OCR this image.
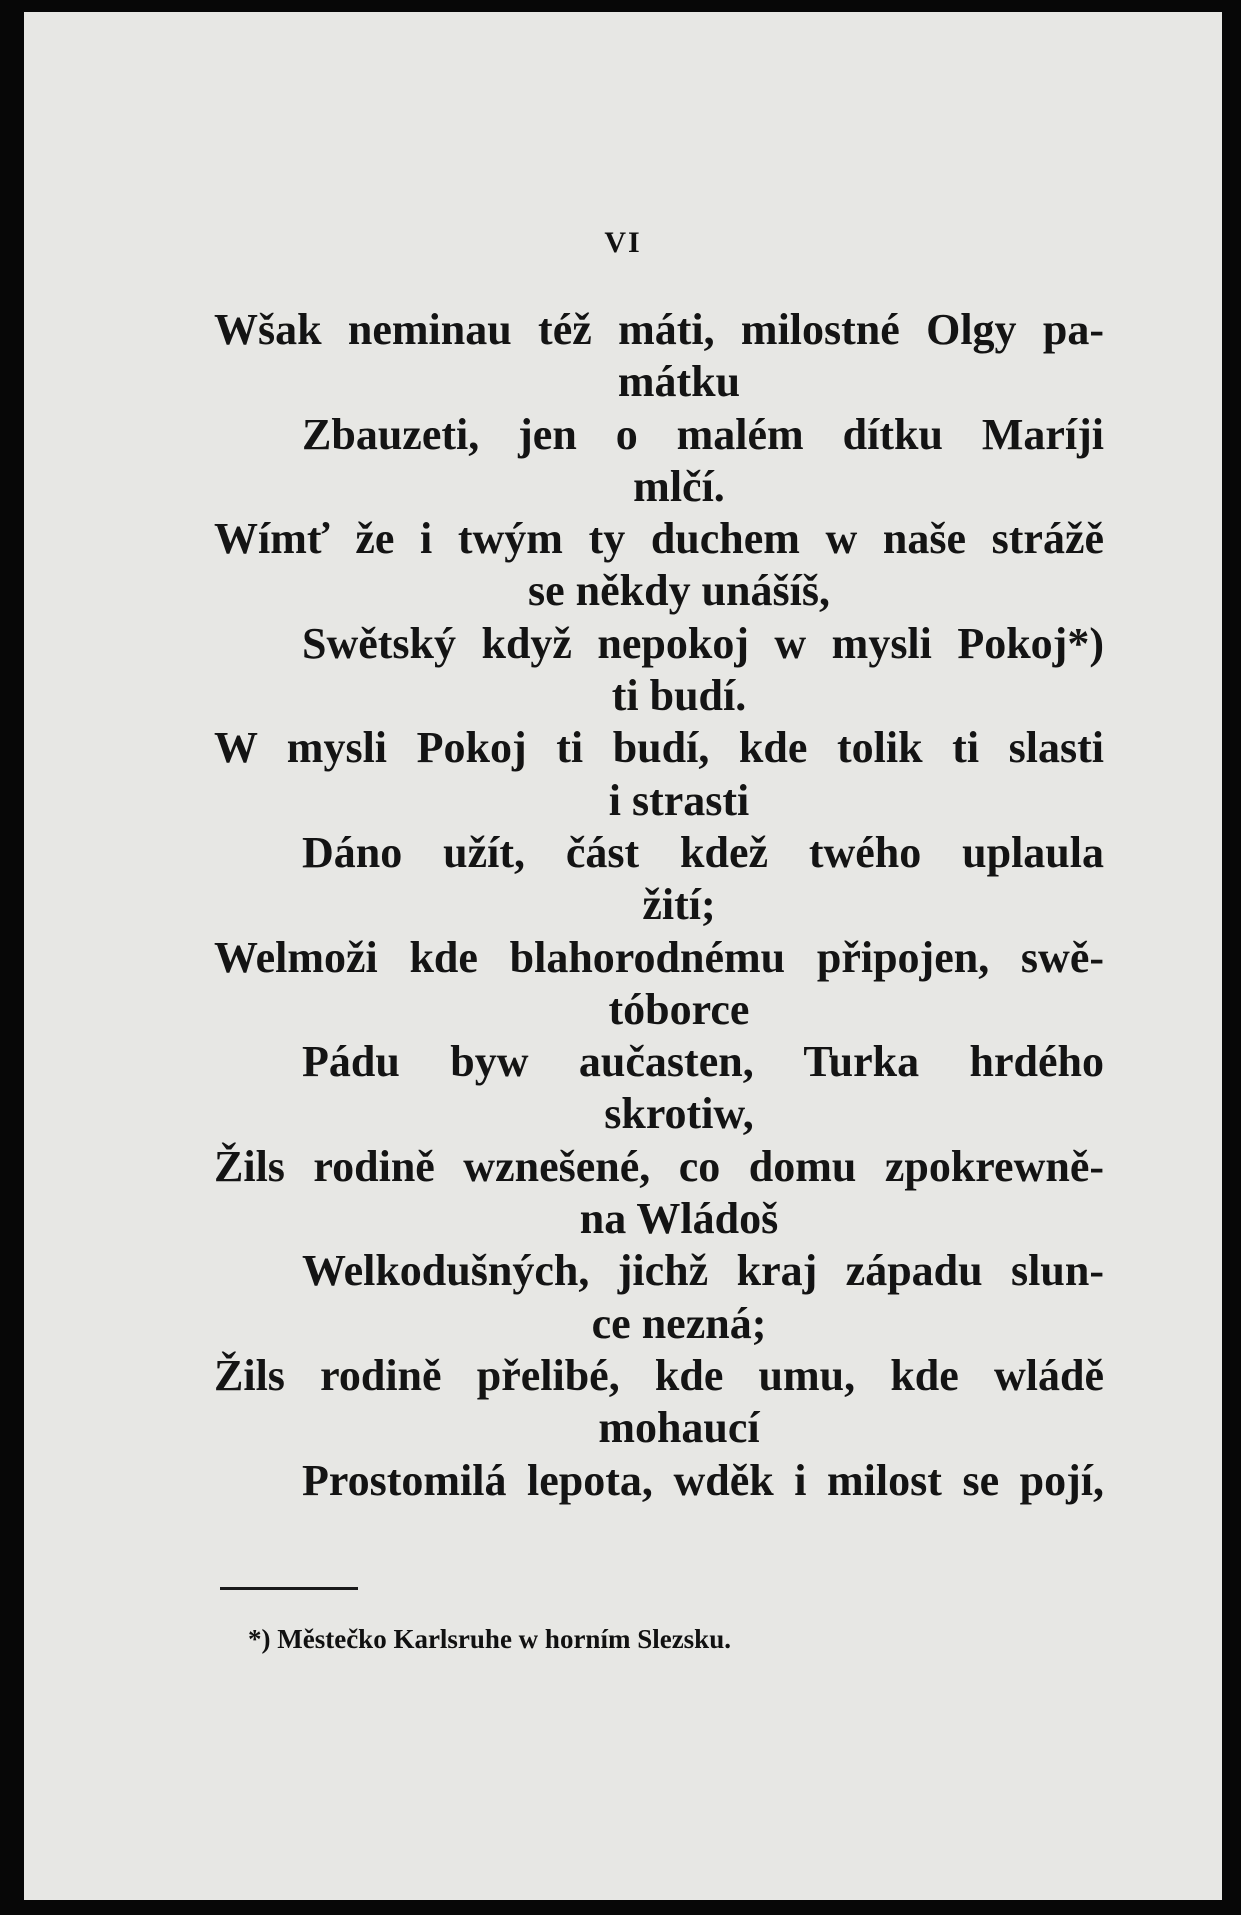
VI
Wšak neminau též máti, milostné Olgy pa-
mátku
Zbauzeti, jen o malém dítku Maríji
mlčí.
Wímť že i twým ty duchem w naše strážě
se někdy unášíš,
Swětský když nepokoj w mysli Pokoj*)
ti budí.
W mysli Pokoj ti budí, kde tolik ti slasti
i strasti
Dáno užít, část kdež twého uplaula
žití;
Welmoži kde blahorodnému připojen, swě-
tóborce
Pádu byw aučasten, Turka hrdého
skrotiw,
Žils rodině wznešené, co domu zpokrewně-
na Wládoš
Welkodušných, jichž kraj západu slun-
ce nezná;
Žils rodině přelibé, kde umu, kde wládě
mohaucí
Prostomilá lepota, wděk i milost se pojí,
*) Městečko Karlsruhe w horním Slezsku.
